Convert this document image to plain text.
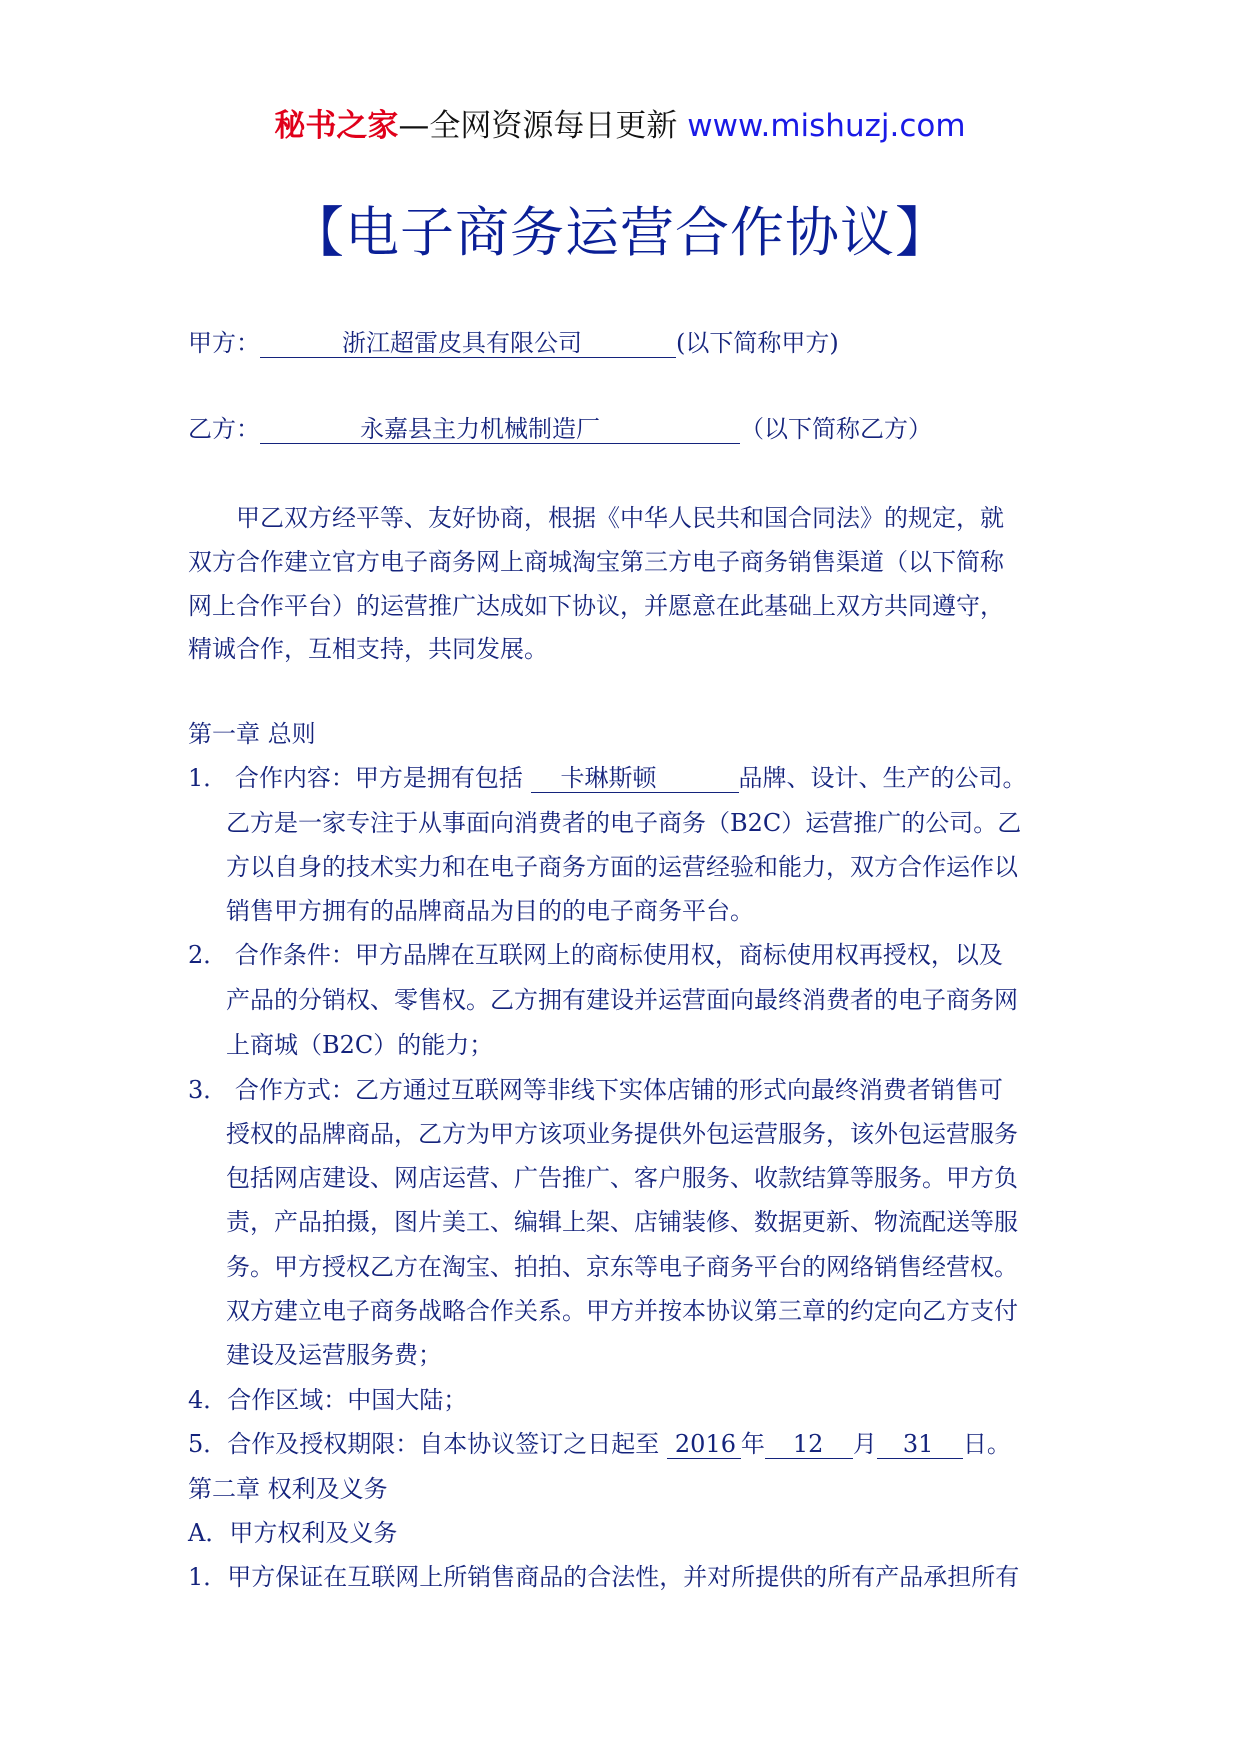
秘书之家—全网资源每日更新 www.mishuzj.com
【电子商务运营合作协议】
甲方：	浙江超雷皮具有限公司	(以下简称甲方)
乙方：	永嘉县主力机械制造厂	（以下简称乙方）
甲乙双方经平等、友好协商，根据《中华人民共和国合同法》的规定，就
双方合作建立官方电子商务网上商城淘宝第三方电子商务销售渠道（以下简称
网上合作平台）的运营推广达成如下协议，并愿意在此基础上双方共同遵守，
精诚合作，互相支持，共同发展。
第一章 总则
1． 合作内容：甲方是拥有包括 卡琳斯顿	品牌、设计、生产的公司。
乙方是一家专注于从事面向消费者的电子商务（B2C）运营推广的公司。乙
方以自身的技术实力和在电子商务方面的运营经验和能力，双方合作运作以
销售甲方拥有的品牌商品为目的的电子商务平台。
2． 合作条件：甲方品牌在互联网上的商标使用权，商标使用权再授权，以及
产品的分销权、零售权。乙方拥有建设并运营面向最终消费者的电子商务网
上商城（B2C）的能力；
3． 合作方式：乙方通过互联网等非线下实体店铺的形式向最终消费者销售可
授权的品牌商品，乙方为甲方该项业务提供外包运营服务，该外包运营服务
包括网店建设、网店运营、广告推广、客户服务、收款结算等服务。甲方负
责，产品拍摄，图片美工、编辑上架、店铺装修、数据更新、物流配送等服
务。甲方授权乙方在淘宝、拍拍、京东等电子商务平台的网络销售经营权。
双方建立电子商务战略合作关系。甲方并按本协议第三章的约定向乙方支付
建设及运营服务费；
4．合作区域：中国大陆；
5．合作及授权期限：自本协议签订之日起至 2016 年 12 月 31 日。
第二章 权利及义务
A．甲方权利及义务
1．甲方保证在互联网上所销售商品的合法性，并对所提供的所有产品承担所有
